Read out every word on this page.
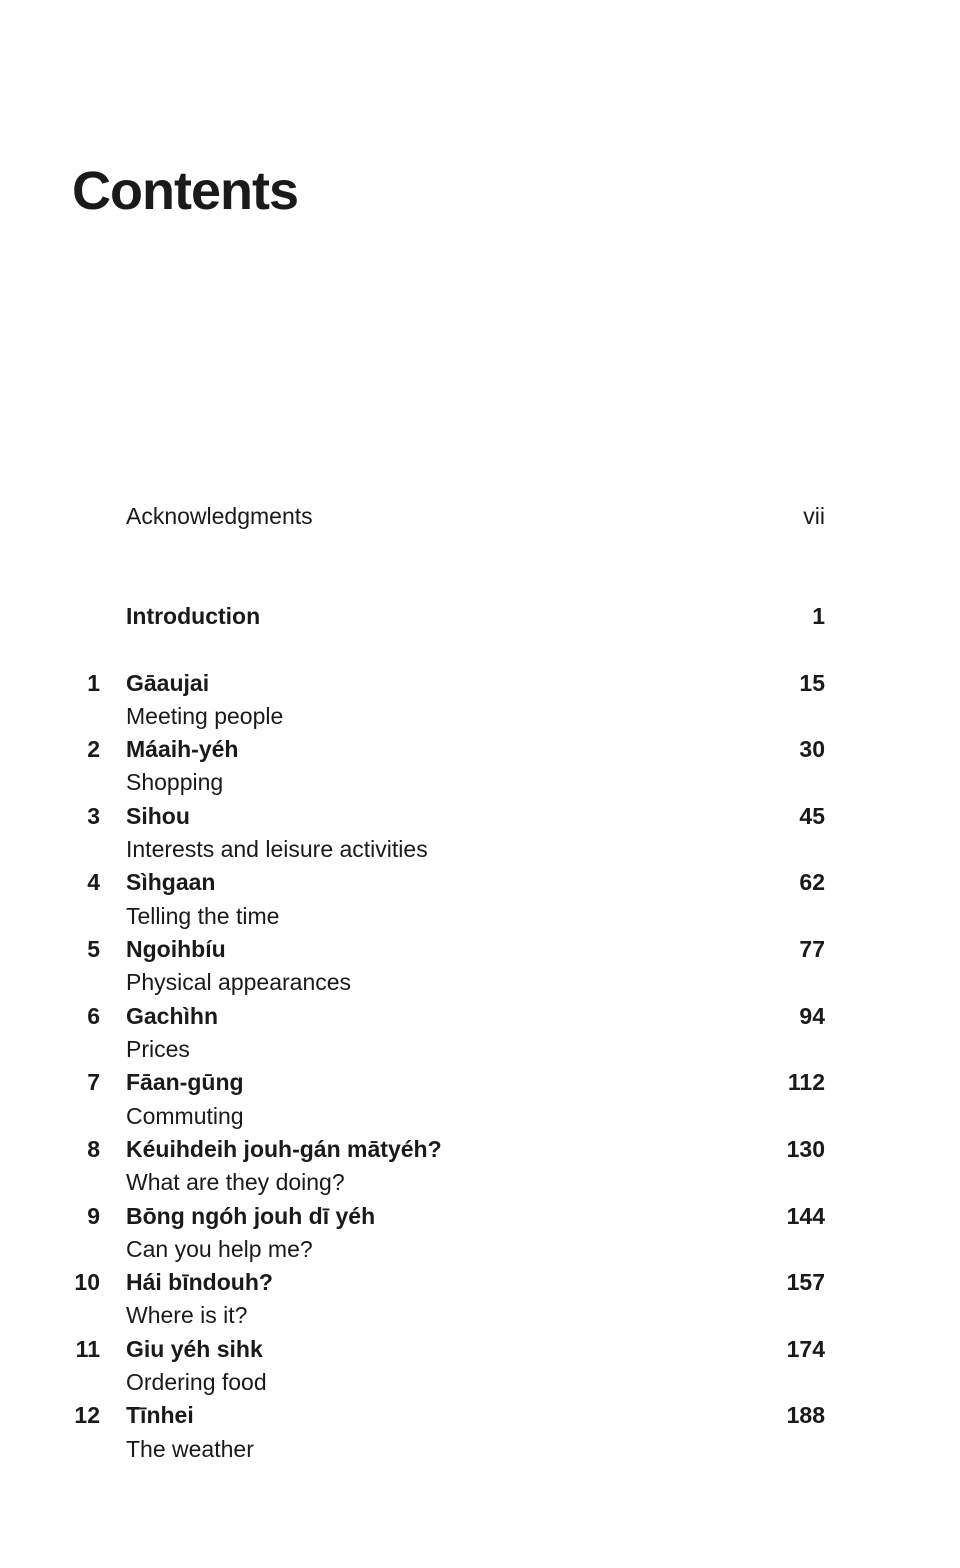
Contents
Acknowledgments	vii
Introduction	1
1 Gāaujai	15
Meeting people
2 Máaih-yéh	30
Shopping
3 Sihou	45
Interests and leisure activities
4 Sìhgaan	62
Telling the time
5 Ngoihbíu	77
Physical appearances
6 Gachìhn	94
Prices
7 Fāan-gūng	112
Commuting
8 Kéuihdeih jouh-gán mātyéh?	130
What are they doing?
9 Bōng ngóh jouh dī yéh	144
Can you help me?
10 Hái bīndouh?	157
Where is it?
11 Giu yéh sihk	174
Ordering food
12 Tīnhei	188
The weather
